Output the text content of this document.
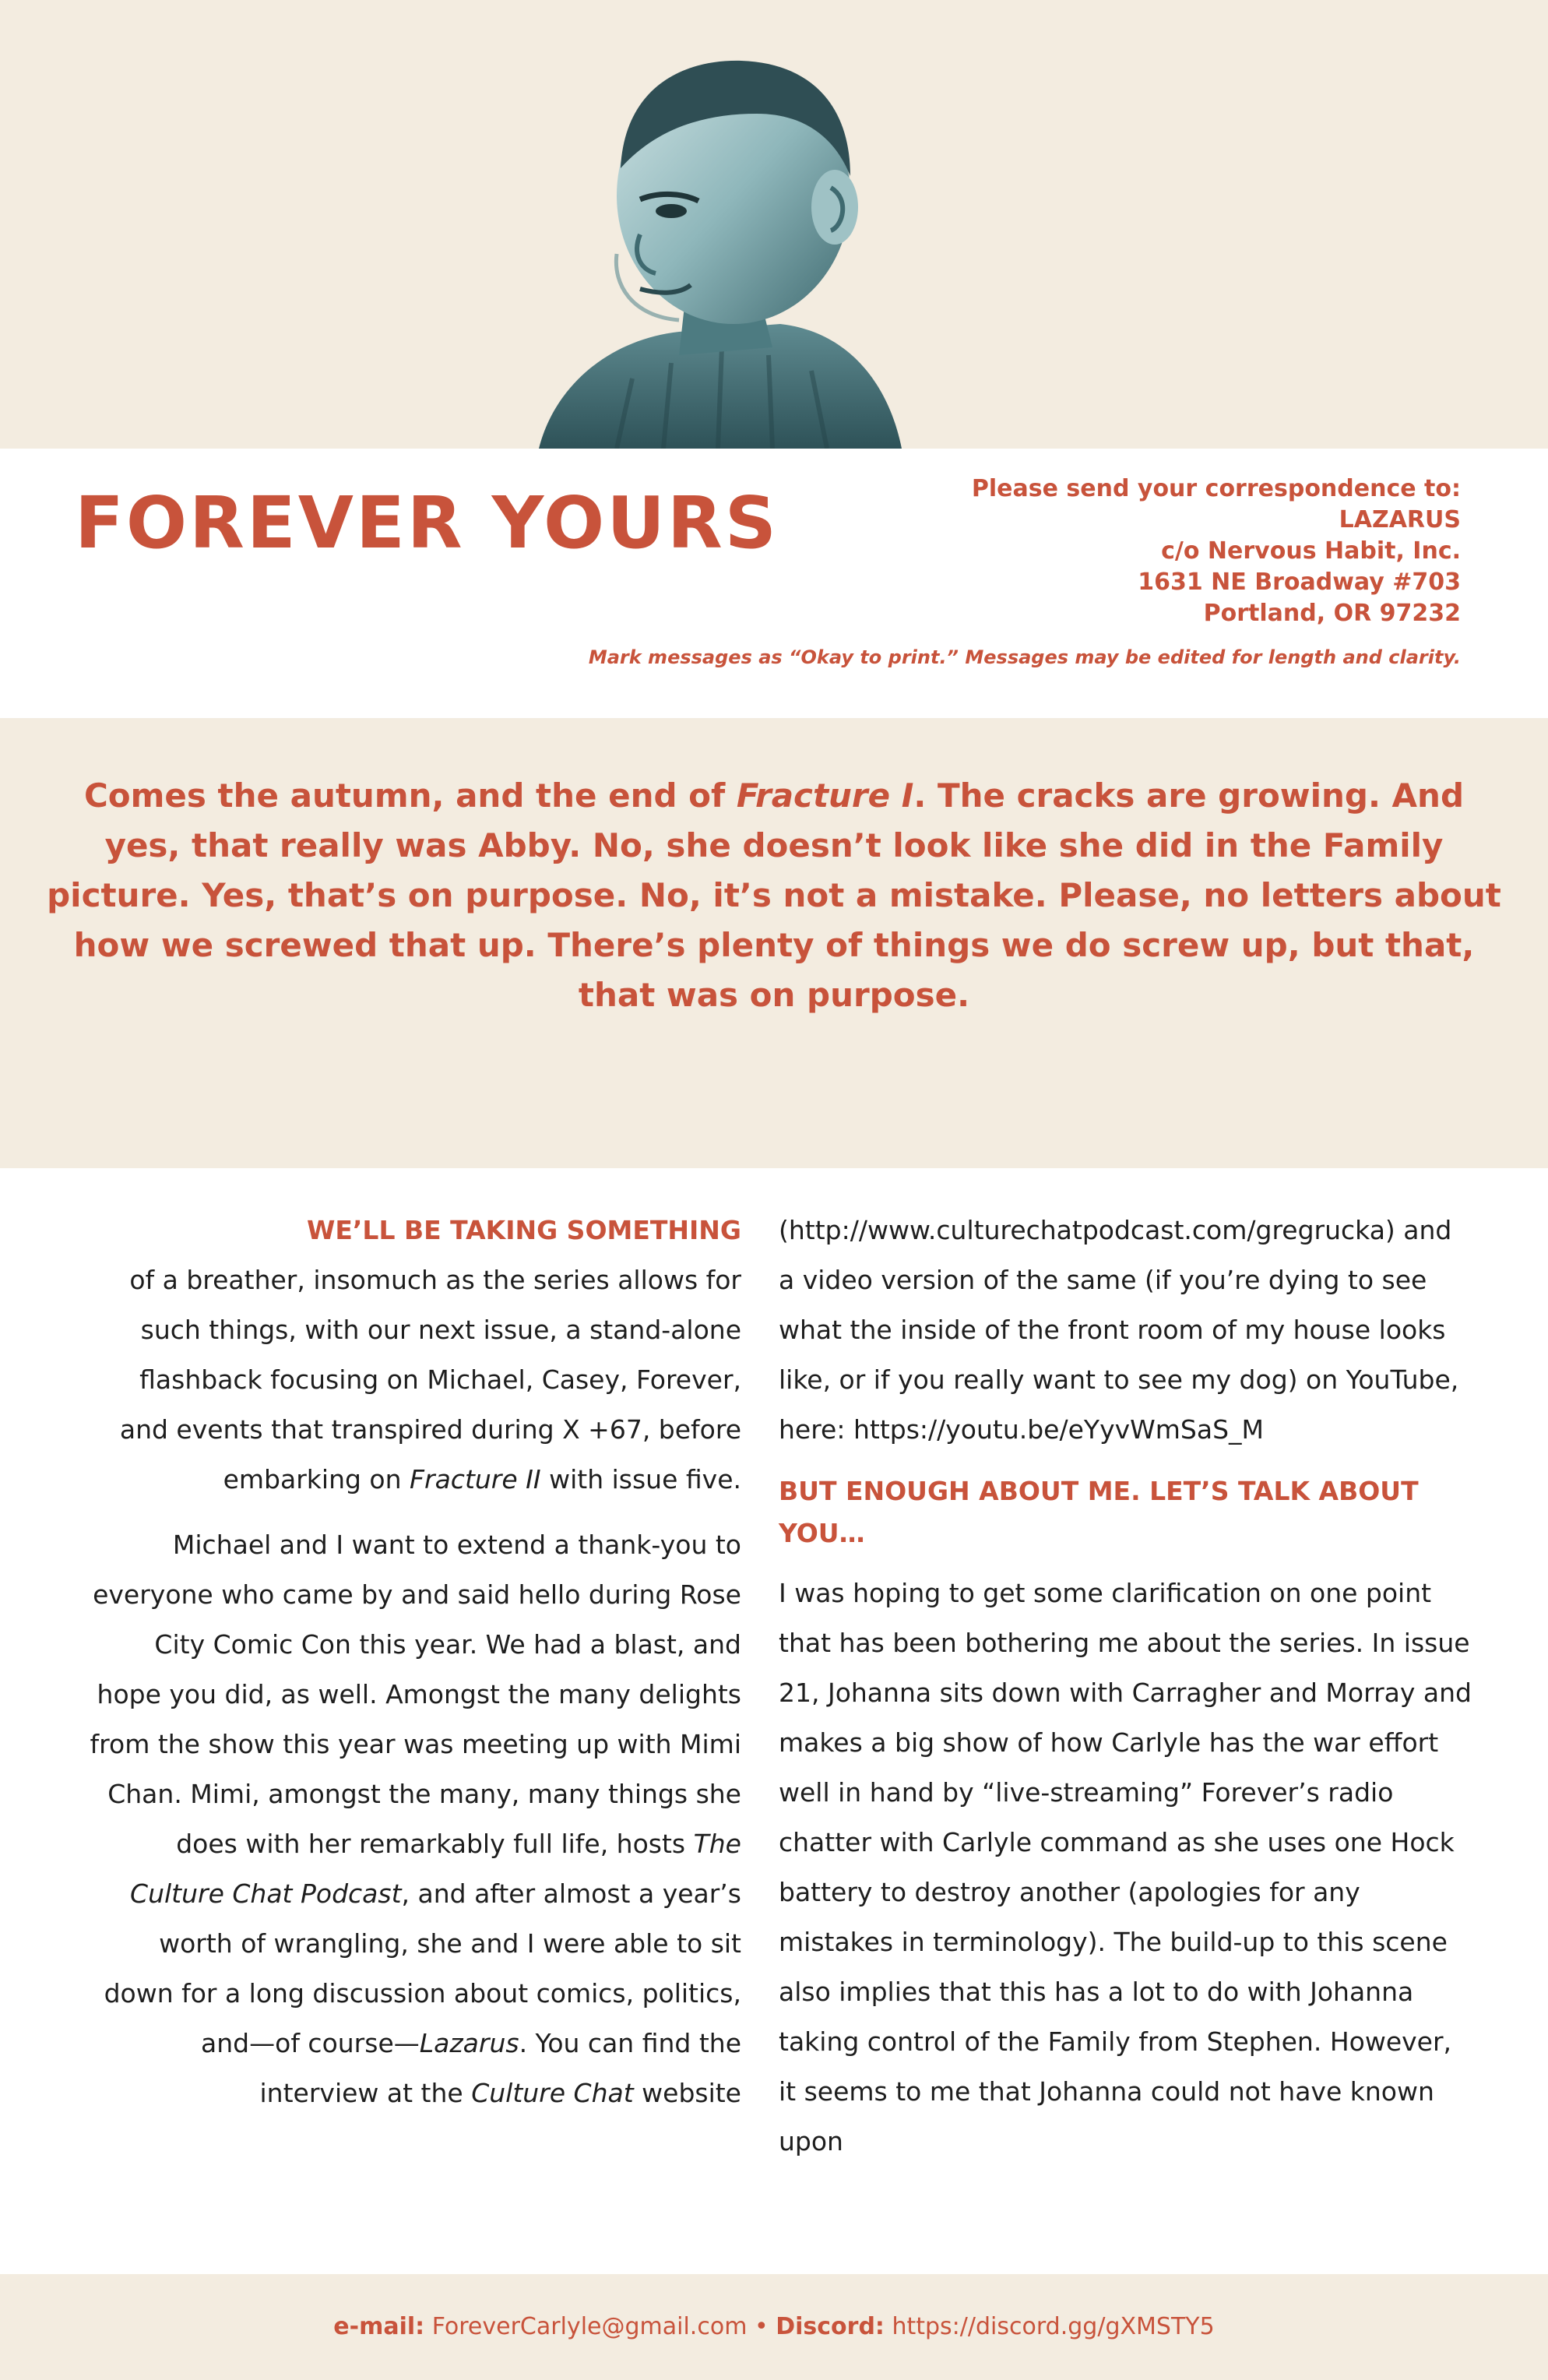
FOREVER YOURS	Please send your correspondence to:
LAZARUS
c/o Nervous Habit, Inc.
1631 NE Broadway #703
Portland, OR 97232
Mark messages as “Okay to print.” Messages may be edited for length and clarity.
Comes the autumn, and the end of Fracture I. The cracks are growing. And yes, that really was Abby. No, she doesn’t look like she did in the Family picture. Yes, that’s on purpose. No, it’s not a mistake. Please, no letters about how we screwed that up. There’s plenty of things we do screw up, but that, that was on purpose.
WE’LL BE TAKING SOMETHING

of a breather, insomuch as the series allows for such things, with our next issue, a stand-alone flashback focusing on Michael, Casey, Forever, and events that transpired during X +67, before embarking on Fracture II with issue five.

Michael and I want to extend a thank-you to everyone who came by and said hello during Rose City Comic Con this year. We had a blast, and hope you did, as well. Amongst the many delights from the show this year was meeting up with Mimi Chan. Mimi, amongst the many, many things she does with her remarkably full life, hosts The Culture Chat Podcast, and after almost a year’s worth of wrangling, she and I were able to sit down for a long discussion about comics, politics, and—of course—Lazarus. You can find the interview at the Culture Chat website

(http://www.culturechatpodcast.com/gregrucka) and a video version of the same (if you’re dying to see what the inside of the front room of my house looks like, or if you really want to see my dog) on YouTube, here: https://youtu.be/eYyvWmSaS_M

BUT ENOUGH ABOUT ME. LET’S TALK ABOUT YOU…

I was hoping to get some clarification on one point that has been bothering me about the series. In issue 21, Johanna sits down with Carragher and Morray and makes a big show of how Carlyle has the war effort well in hand by “live-streaming” Forever’s radio chatter with Carlyle command as she uses one Hock battery to destroy another (apologies for any mistakes in terminology). The build-up to this scene also implies that this has a lot to do with Johanna taking control of the Family from Stephen. However, it seems to me that Johanna could not have known upon

e-mail: ForeverCarlyle@gmail.com • Discord: https://discord.gg/gXMSTY5
